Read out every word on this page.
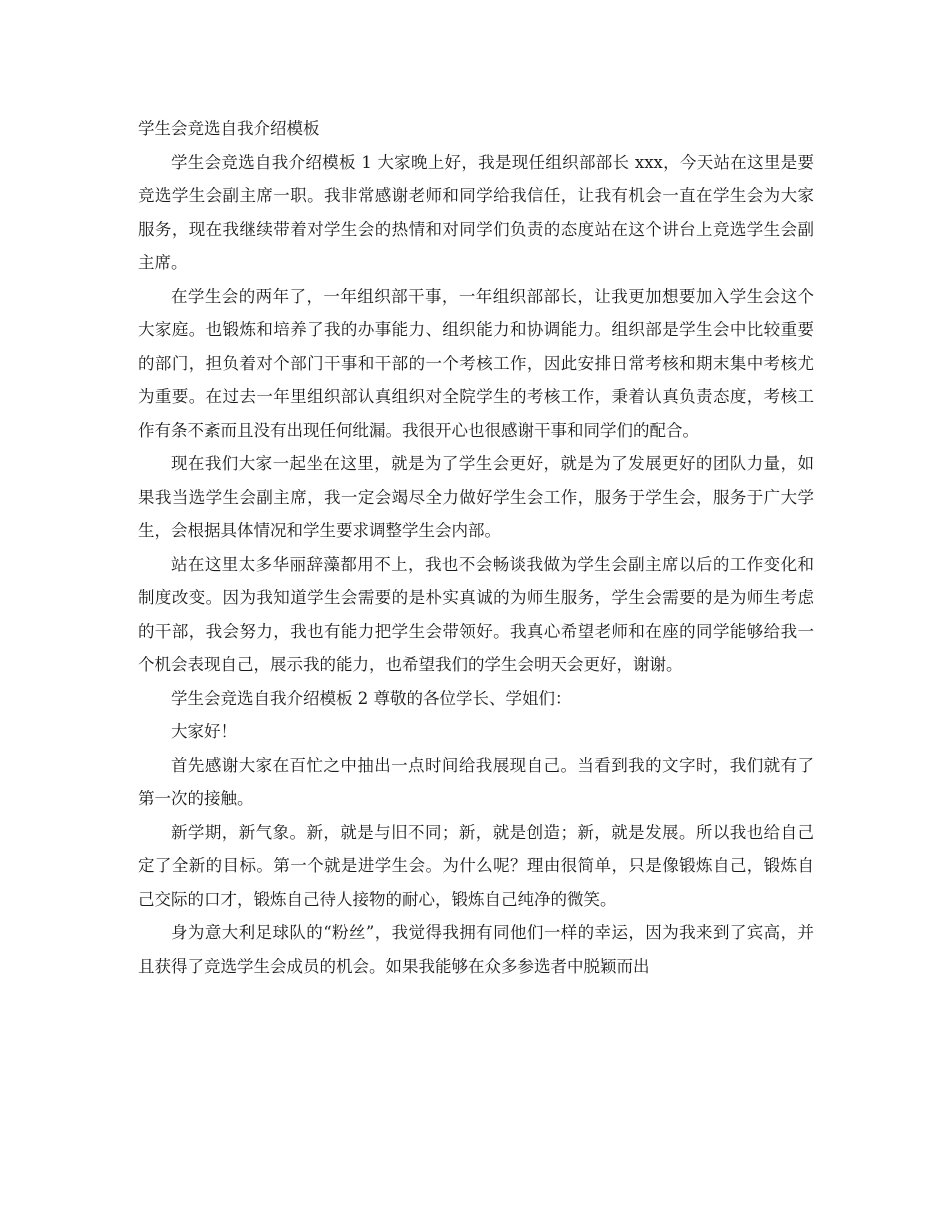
学生会竞选自我介绍模板

学生会竞选自我介绍模板 1 大家晚上好，我是现任组织部部长 xxx，今天站在这里是要竞选学生会副主席一职。我非常感谢老师和同学给我信任，让我有机会一直在学生会为大家服务，现在我继续带着对学生会的热情和对同学们负责的态度站在这个讲台上竞选学生会副主席。

在学生会的两年了，一年组织部干事，一年组织部部长，让我更加想要加入学生会这个大家庭。也锻炼和培养了我的办事能力、组织能力和协调能力。组织部是学生会中比较重要的部门，担负着对个部门干事和干部的一个考核工作，因此安排日常考核和期末集中考核尤为重要。在过去一年里组织部认真组织对全院学生的考核工作，秉着认真负责态度，考核工作有条不紊而且没有出现任何纰漏。我很开心也很感谢干事和同学们的配合。

现在我们大家一起坐在这里，就是为了学生会更好，就是为了发展更好的团队力量，如果我当选学生会副主席，我一定会竭尽全力做好学生会工作，服务于学生会，服务于广大学生，会根据具体情况和学生要求调整学生会内部。

站在这里太多华丽辞藻都用不上，我也不会畅谈我做为学生会副主席以后的工作变化和制度改变。因为我知道学生会需要的是朴实真诚的为师生服务，学生会需要的是为师生考虑的干部，我会努力，我也有能力把学生会带领好。我真心希望老师和在座的同学能够给我一个机会表现自己，展示我的能力，也希望我们的学生会明天会更好，谢谢。

学生会竞选自我介绍模板 2 尊敬的各位学长、学姐们：

大家好！

首先感谢大家在百忙之中抽出一点时间给我展现自己。当看到我的文字时，我们就有了第一次的接触。

新学期，新气象。新，就是与旧不同；新，就是创造；新，就是发展。所以我也给自己定了全新的目标。第一个就是进学生会。为什么呢？理由很简单，只是像锻炼自己，锻炼自己交际的口才，锻炼自己待人接物的耐心，锻炼自己纯净的微笑。

身为意大利足球队的“粉丝”，我觉得我拥有同他们一样的幸运，因为我来到了宾高，并且获得了竞选学生会成员的机会。如果我能够在众多参选者中脱颖而出
